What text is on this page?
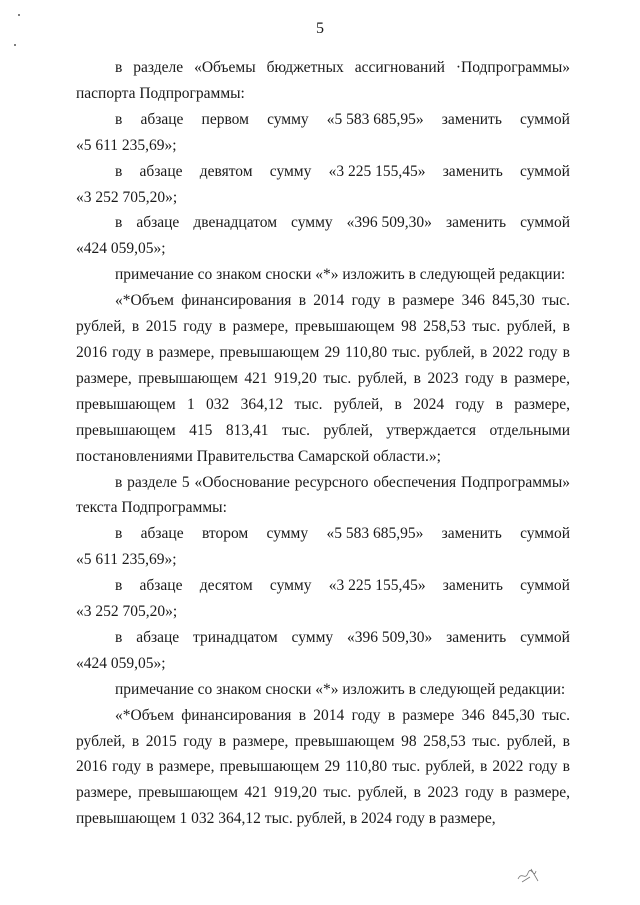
5

в разделе «Объемы бюджетных ассигнований ·Подпрограммы» паспорта Подпрограммы:

в абзаце первом сумму «5 583 685,95» заменить суммой
«5 611 235,69»;
в абзаце девятом сумму «3 225 155,45» заменить суммой
«3 252 705,20»;
в абзаце двенадцатом сумму «396 509,30» заменить суммой
«424 059,05»;

примечание со знаком сноски «*» изложить в следующей редакции:

«*Объем финансирования в 2014 году в размере 346 845,30 тыс. рублей, в 2015 году в размере, превышающем 98 258,53 тыс. рублей, в 2016 году в размере, превышающем 29 110,80 тыс. рублей, в 2022 году в размере, превышающем 421 919,20 тыс. рублей, в 2023 году в размере, превышающем 1 032 364,12 тыс. рублей, в 2024 году в размере, превышающем 415 813,41 тыс. рублей, утверждается отдельными постановлениями Правительства Самарской области.»;

в разделе 5 «Обоснование ресурсного обеспечения Подпрограммы» текста Подпрограммы:

в абзаце втором сумму «5 583 685,95» заменить суммой
«5 611 235,69»;
в абзаце десятом сумму «3 225 155,45» заменить суммой
«3 252 705,20»;
в абзаце тринадцатом сумму «396 509,30» заменить суммой
«424 059,05»;

примечание со знаком сноски «*» изложить в следующей редакции:

«*Объем финансирования в 2014 году в размере 346 845,30 тыс. рублей, в 2015 году в размере, превышающем 98 258,53 тыс. рублей, в 2016 году в размере, превышающем 29 110,80 тыс. рублей, в 2022 году в размере, превышающем 421 919,20 тыс. рублей, в 2023 году в размере, превышающем 1 032 364,12 тыс. рублей, в 2024 году в размере,
